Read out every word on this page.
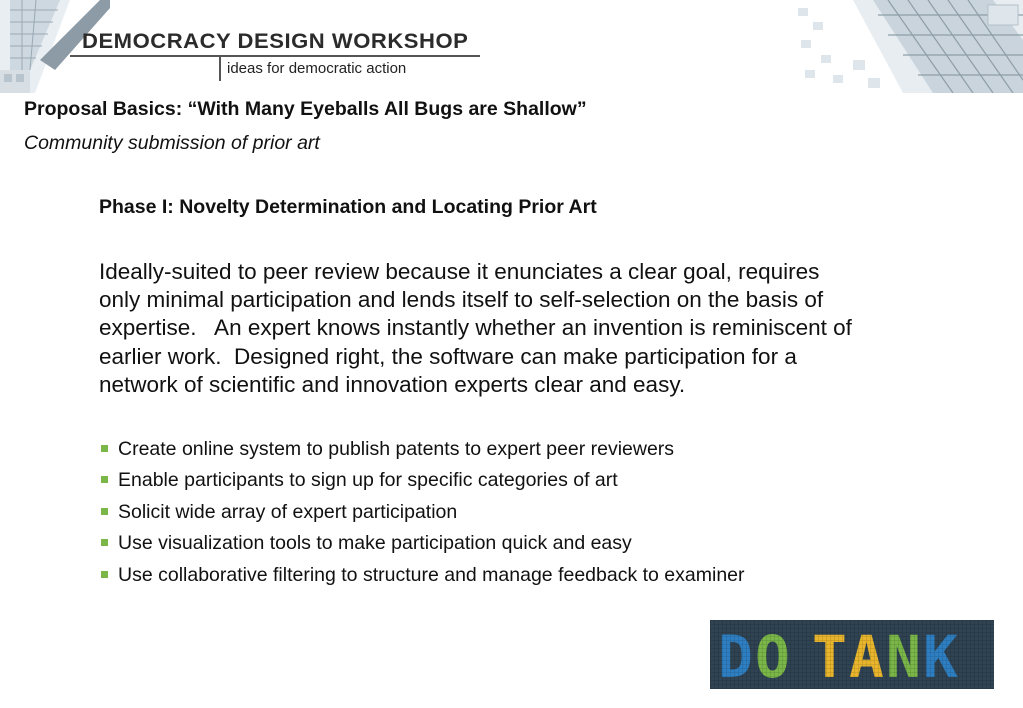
DEMOCRACY DESIGN WORKSHOP
ideas for democratic action
Proposal Basics: “With Many Eyeballs All Bugs are Shallow”
Community submission of prior art
Phase I: Novelty Determination and Locating Prior Art

Ideally-suited to peer review because it enunciates a clear goal, requires
only minimal participation and lends itself to self-selection on the basis of
expertise.   An expert knows instantly whether an invention is reminiscent of
earlier work.  Designed right, the software can make participation for a
network of scientific and innovation experts clear and easy.

Create online system to publish patents to expert peer reviewers
Enable participants to sign up for specific categories of art
Solicit wide array of expert participation
Use visualization tools to make participation quick and easy
Use collaborative filtering to structure and manage feedback to examiner
